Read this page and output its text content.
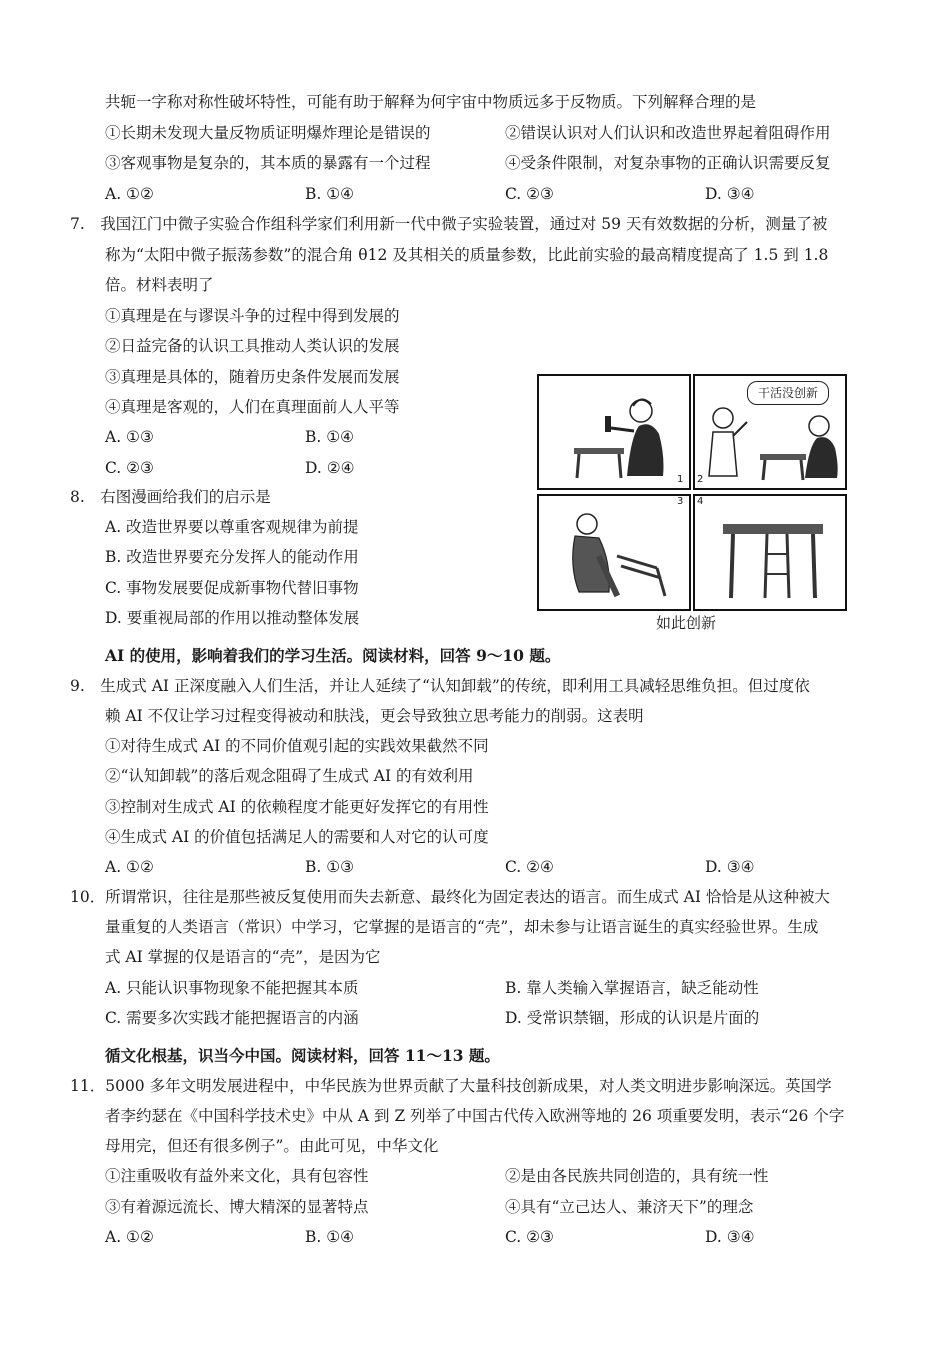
共轭一字称对称性破坏特性，可能有助于解释为何宇宙中物质远多于反物质。下列解释合理的是
①长期未发现大量反物质证明爆炸理论是错误的	②错误认识对人们认识和改造世界起着阻碍作用
③客观事物是复杂的，其本质的暴露有一个过程	④受条件限制，对复杂事物的正确认识需要反复
A. ①②	B. ①④	C. ②③	D. ③④
7.　我国江门中微子实验合作组科学家们利用新一代中微子实验装置，通过对 59 天有效数据的分析，测量了被
称为“太阳中微子振荡参数”的混合角 θ12 及其相关的质量参数，比此前实验的最高精度提高了 1.5 到 1.8
倍。材料表明了
①真理是在与谬误斗争的过程中得到发展的
②日益完备的认识工具推动人类认识的发展
③真理是具体的，随着历史条件发展而发展
④真理是客观的，人们在真理面前人人平等
A. ①③	B. ①④
C. ②③	D. ②④
8.　右图漫画给我们的启示是
A. 改造世界要以尊重客观规律为前提
B. 改造世界要充分发挥人的能动作用
C. 事物发展要促成新事物代替旧事物
D. 要重视局部的作用以推动整体发展
1 2
3 4
干活没创新
如此创新
AI 的使用，影响着我们的学习生活。阅读材料，回答 9～10 题。
9.　生成式 AI 正深度融入人们生活，并让人延续了“认知卸载”的传统，即利用工具减轻思维负担。但过度依
赖 AI 不仅让学习过程变得被动和肤浅，更会导致独立思考能力的削弱。这表明
①对待生成式 AI 的不同价值观引起的实践效果截然不同
②“认知卸载”的落后观念阻碍了生成式 AI 的有效利用
③控制对生成式 AI 的依赖程度才能更好发挥它的有用性
④生成式 AI 的价值包括满足人的需要和人对它的认可度
A. ①②	B. ①③	C. ②④	D. ③④
10．所谓常识，往往是那些被反复使用而失去新意、最终化为固定表达的语言。而生成式 AI 恰恰是从这种被大
量重复的人类语言（常识）中学习，它掌握的是语言的“壳”，却未参与让语言诞生的真实经验世界。生成
式 AI 掌握的仅是语言的“壳”，是因为它
A. 只能认识事物现象不能把握其本质	B. 靠人类输入掌握语言，缺乏能动性
C. 需要多次实践才能把握语言的内涵	D. 受常识禁锢，形成的认识是片面的
循文化根基，识当今中国。阅读材料，回答 11～13 题。
11．5000 多年文明发展进程中，中华民族为世界贡献了大量科技创新成果，对人类文明进步影响深远。英国学
者李约瑟在《中国科学技术史》中从 A 到 Z 列举了中国古代传入欧洲等地的 26 项重要发明，表示“26 个字
母用完，但还有很多例子”。由此可见，中华文化
①注重吸收有益外来文化，具有包容性	②是由各民族共同创造的，具有统一性
③有着源远流长、博大精深的显著特点	④具有“立己达人、兼济天下”的理念
A. ①②	B. ①④	C. ②③	D. ③④
